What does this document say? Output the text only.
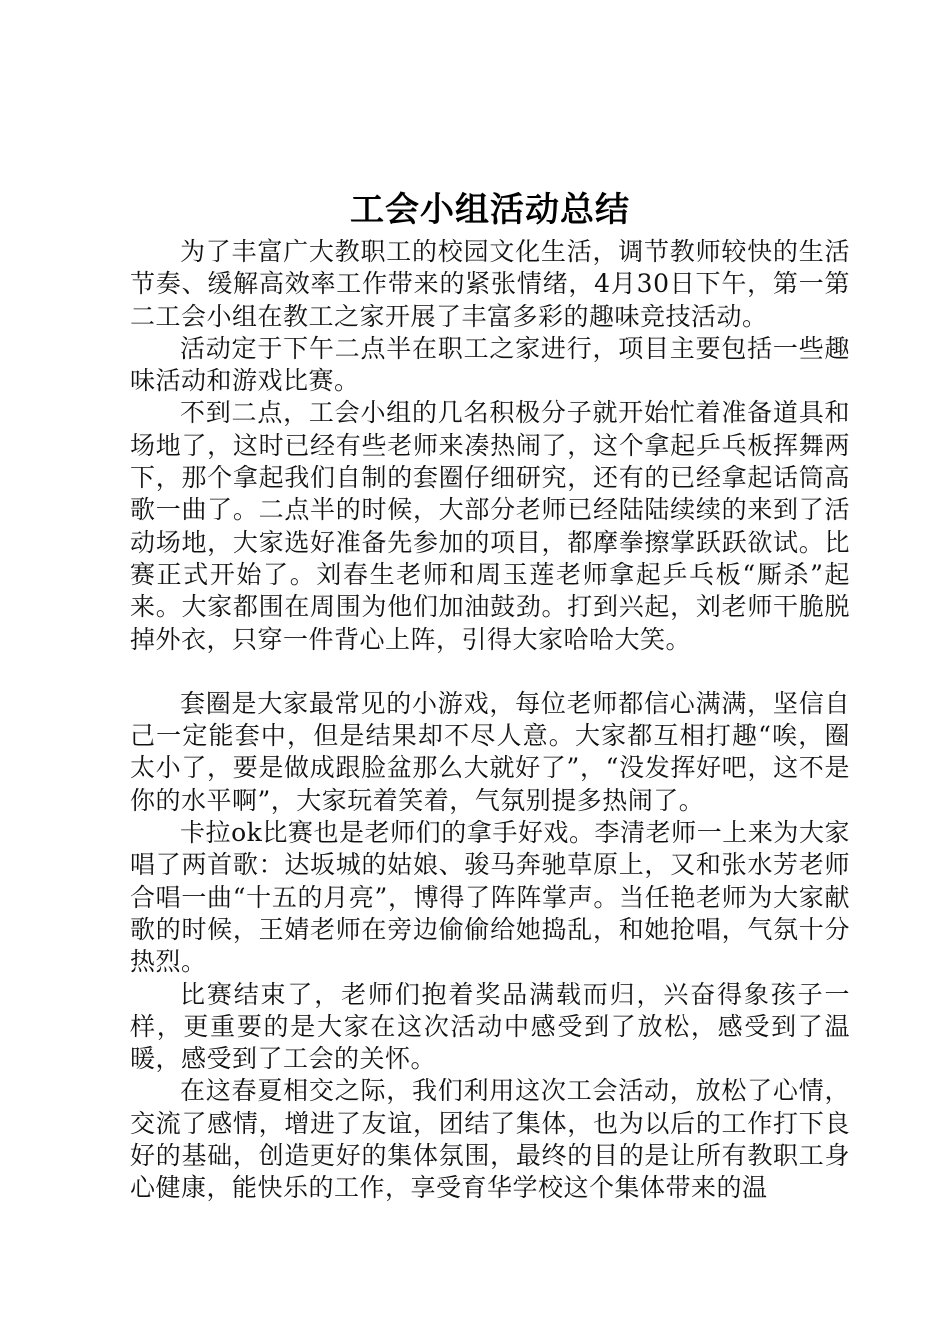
工会小组活动总结

为了丰富广大教职工的校园文化生活，调节教师较快的生活节奏、缓解高效率工作带来的紧张情绪，4月30日下午，第一第二工会小组在教工之家开展了丰富多彩的趣味竞技活动。

活动定于下午二点半在职工之家进行，项目主要包括一些趣味活动和游戏比赛。

不到二点，工会小组的几名积极分子就开始忙着准备道具和场地了，这时已经有些老师来凑热闹了，这个拿起乒乓板挥舞两下，那个拿起我们自制的套圈仔细研究，还有的已经拿起话筒高歌一曲了。二点半的时候，大部分老师已经陆陆续续的来到了活动场地，大家选好准备先参加的项目，都摩拳擦掌跃跃欲试。比赛正式开始了。刘春生老师和周玉莲老师拿起乒乓板“厮杀”起来。大家都围在周围为他们加油鼓劲。打到兴起，刘老师干脆脱掉外衣，只穿一件背心上阵，引得大家哈哈大笑。

套圈是大家最常见的小游戏，每位老师都信心满满，坚信自己一定能套中，但是结果却不尽人意。大家都互相打趣“唉，圈太小了，要是做成跟脸盆那么大就好了”，“没发挥好吧，这不是你的水平啊”，大家玩着笑着，气氛别提多热闹了。

卡拉ok比赛也是老师们的拿手好戏。李清老师一上来为大家唱了两首歌：达坂城的姑娘、骏马奔驰草原上，又和张水芳老师合唱一曲“十五的月亮”，博得了阵阵掌声。当任艳老师为大家献歌的时候，王婧老师在旁边偷偷给她捣乱，和她抢唱，气氛十分热烈。

比赛结束了，老师们抱着奖品满载而归，兴奋得象孩子一样，更重要的是大家在这次活动中感受到了放松，感受到了温暖，感受到了工会的关怀。

在这春夏相交之际，我们利用这次工会活动，放松了心情，交流了感情，增进了友谊，团结了集体，也为以后的工作打下良好的基础，创造更好的集体氛围，最终的目的是让所有教职工身心健康，能快乐的工作，享受育华学校这个集体带来的温
